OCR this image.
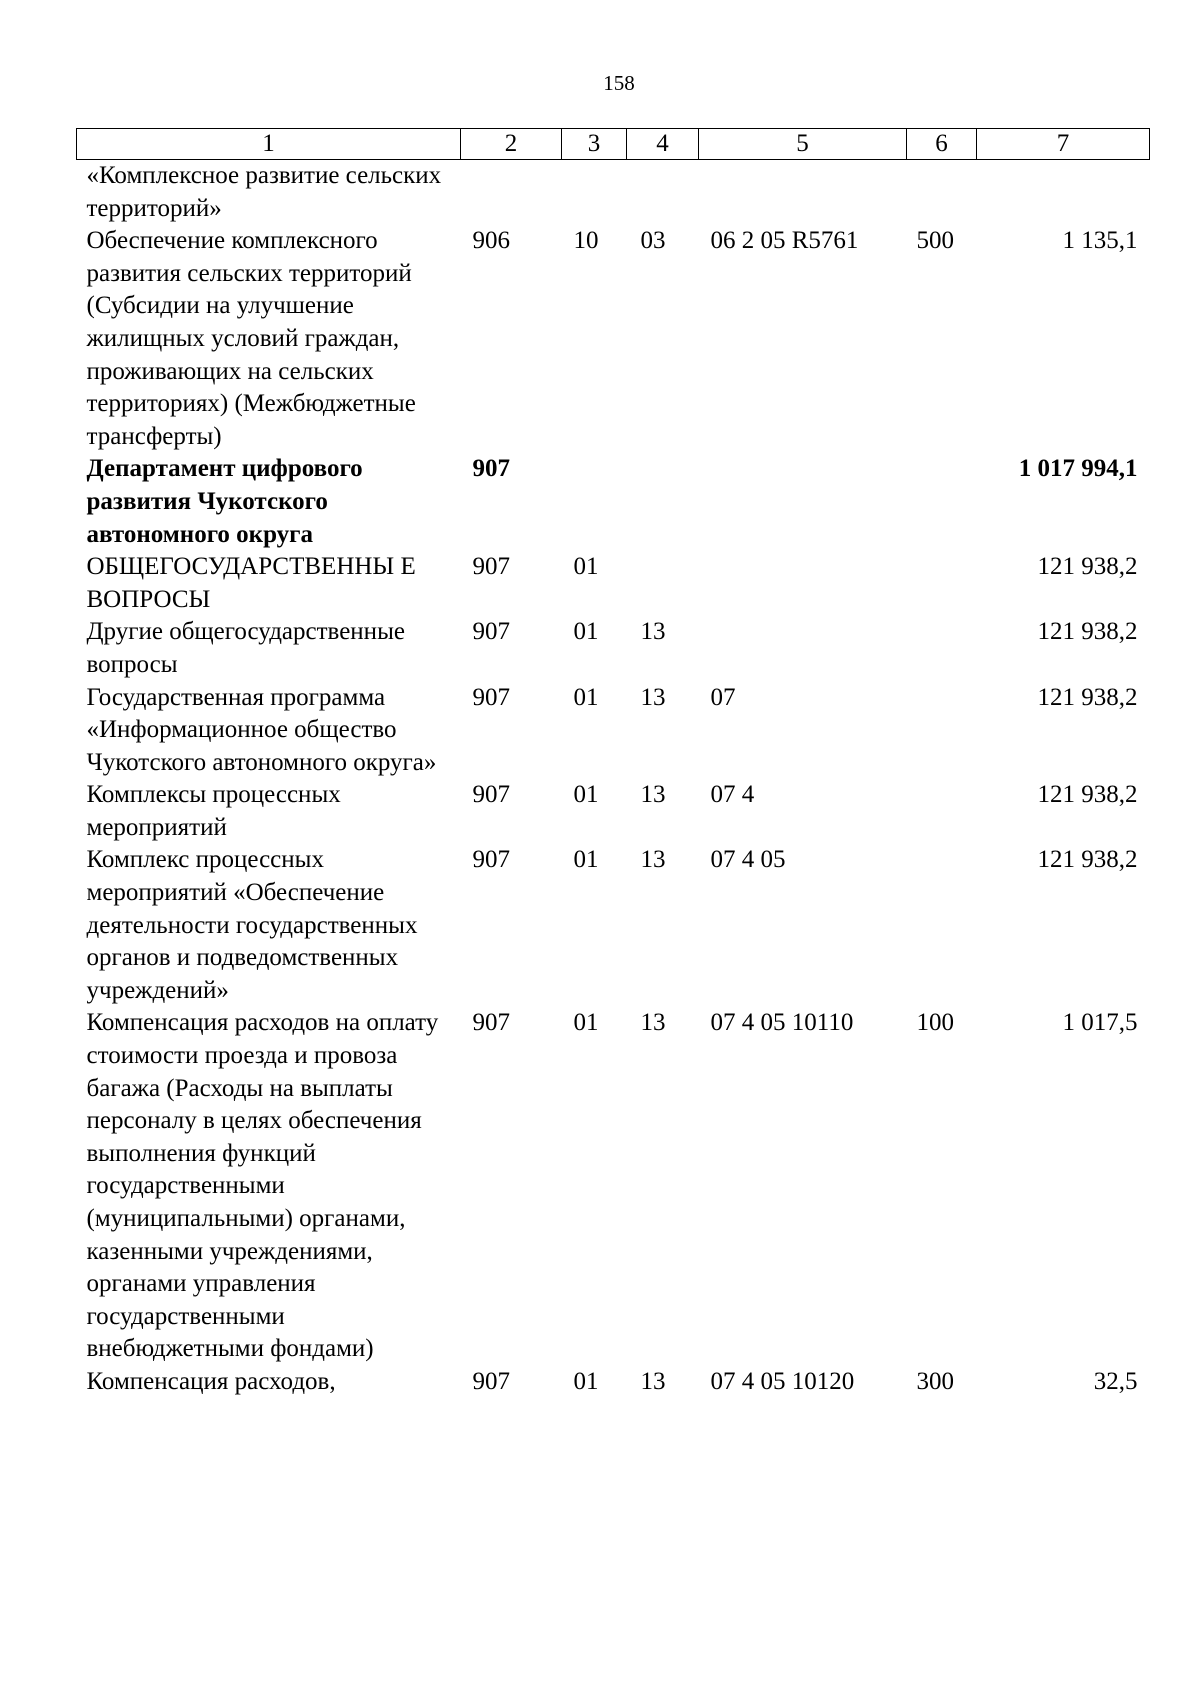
158
1	2	3	4	5	6	7
«Комплексное развитие сельских территорий»						
Обеспечение комплексного развития сельских территорий (Субсидии на улучшение жилищных условий граждан, проживающих на сельских территориях) (Межбюджетные трансферты)	906	10	03	06 2 05 R5761	500	1 135,1
Департамент цифрового развития Чукотского автономного округа	907					1 017 994,1
ОБЩЕГОСУДАРСТВЕННЫ Е ВОПРОСЫ	907	01				121 938,2
Другие общегосударственные вопросы	907	01	13			121 938,2
Государственная программа «Информационное общество Чукотского автономного округа»	907	01	13	07		121 938,2
Комплексы процессных мероприятий	907	01	13	07 4		121 938,2
Комплекс процессных мероприятий «Обеспечение деятельности государственных органов и подведомственных учреждений»	907	01	13	07 4 05		121 938,2
Компенсация расходов на оплату стоимости проезда и провоза багажа (Расходы на выплаты персоналу в целях обеспечения выполнения функций государственными (муниципальными) органами, казенными учреждениями, органами управления государственными внебюджетными фондами)	907	01	13	07 4 05 10110	100	1 017,5
Компенсация расходов,	907	01	13	07 4 05 10120	300	32,5
